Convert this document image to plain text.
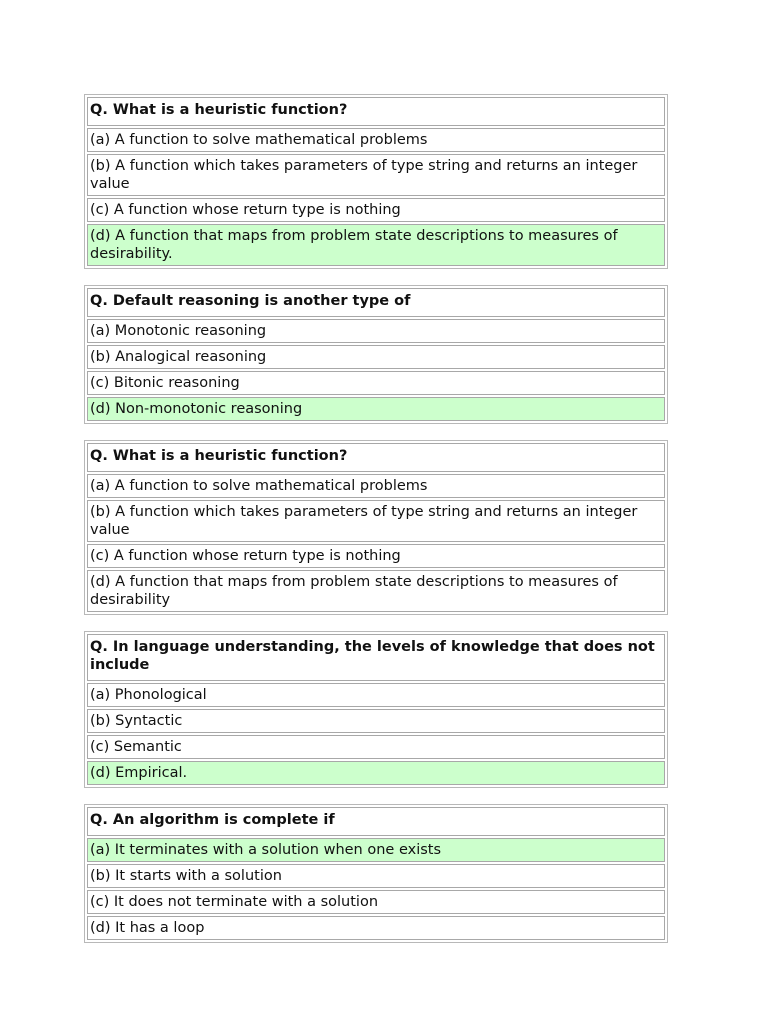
Q. What is a heuristic function?
(a) A function to solve mathematical problems
(b) A function which takes parameters of type string and returns an integer value
(c) A function whose return type is nothing
(d) A function that maps from problem state descriptions to measures of desirability.
Q. Default reasoning is another type of
(a) Monotonic reasoning
(b) Analogical reasoning
(c) Bitonic reasoning
(d) Non-monotonic reasoning
Q. What is a heuristic function?
(a) A function to solve mathematical problems
(b) A function which takes parameters of type string and returns an integer value
(c) A function whose return type is nothing
(d) A function that maps from problem state descriptions to measures of desirability
Q. In language understanding, the levels of knowledge that does not include
(a) Phonological
(b) Syntactic
(c) Semantic
(d) Empirical.
Q. An algorithm is complete if
(a) It terminates with a solution when one exists
(b) It starts with a solution
(c) It does not terminate with a solution
(d) It has a loop
